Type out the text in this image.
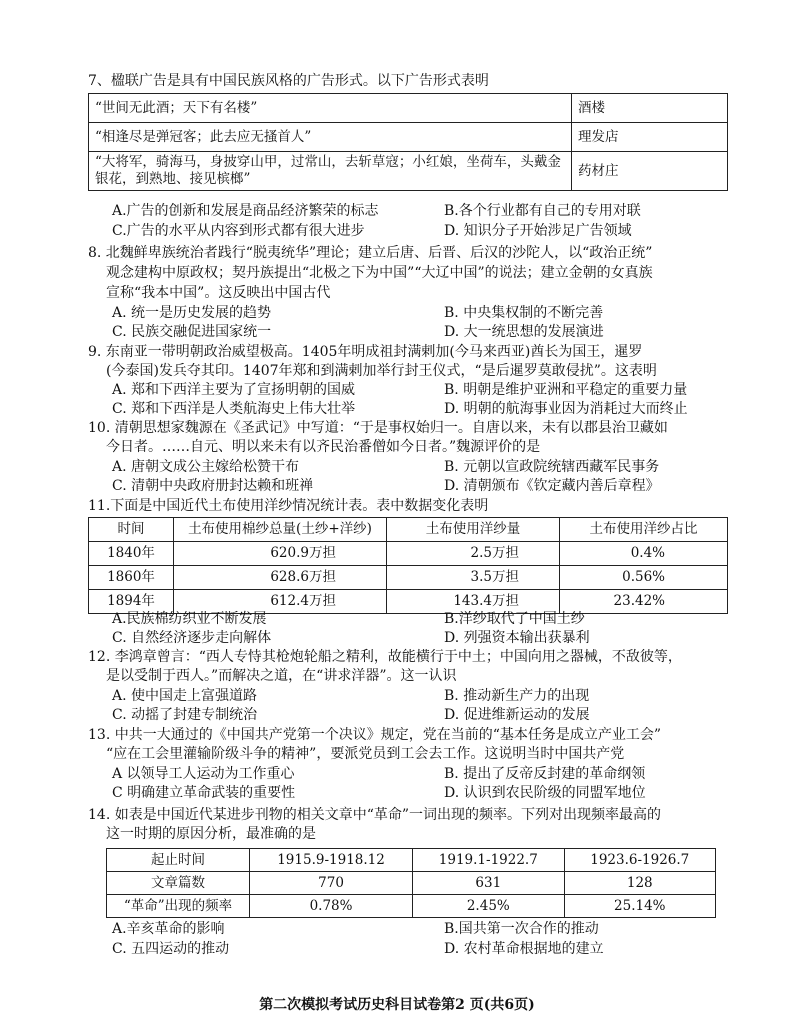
7、楹联广告是具有中国民族风格的广告形式。以下广告形式表明
“世间无此酒；天下有名楼”	酒楼
“相逢尽是弹冠客；此去应无搔首人”	理发店
“大将军，骑海马，身披穿山甲，过常山，去斩草寇；小红娘，坐荷车，头戴金银花，到熟地、接见槟榔”	药材庄
A.广告的创新和发展是商品经济繁荣的标志	B.各个行业都有自己的专用对联
C.广告的水平从内容到形式都有很大进步	D. 知识分子开始涉足广告领域
8. 北魏鲜卑族统治者践行“脱夷统华”理论；建立后唐、后晋、后汉的沙陀人，以“政治正统”
观念建构中原政权；契丹族提出“北极之下为中国”“大辽中国”的说法；建立金朝的女真族
宣称“我本中国”。这反映出中国古代
A. 统一是历史发展的趋势	B. 中央集权制的不断完善
C. 民族交融促进国家统一	D. 大一统思想的发展演进
9. 东南亚一带明朝政治威望极高。1405年明成祖封满剌加(今马来西亚)酋长为国王，暹罗
(今泰国)发兵夺其印。1407年郑和到满剌加举行封王仪式，“是后暹罗莫敢侵扰”。这表明
A. 郑和下西洋主要为了宣扬明朝的国威	B. 明朝是维护亚洲和平稳定的重要力量
C. 郑和下西洋是人类航海史上伟大壮举	D. 明朝的航海事业因为消耗过大而终止
10. 清朝思想家魏源在《圣武记》中写道：“于是事权始归一。自唐以来，未有以郡县治卫藏如
今日者。……自元、明以来未有以齐民治番僧如今日者。”魏源评价的是
A. 唐朝文成公主嫁给松赞干布	B. 元朝以宣政院统辖西藏军民事务
C. 清朝中央政府册封达赖和班禅	D. 清朝颁布《钦定藏内善后章程》
11.下面是中国近代土布使用洋纱情况统计表。表中数据变化表明
时间	土布使用棉纱总量(土纱+洋纱)	土布使用洋纱量	土布使用洋纱占比
1840年	620.9万担	2.5万担	0.4%
1860年	628.6万担	3.5万担	0.56%
1894年	612.4万担	143.4万担	23.42%
A.民族棉纺织业不断发展	B.洋纱取代了中国土纱
C. 自然经济逐步走向解体	D. 列强资本输出获暴利
12. 李鸿章曾言：“西人专恃其枪炮轮船之精利，故能横行于中土；中国向用之器械，不敌彼等，
是以受制于西人。”而解决之道，在“讲求洋器”。这一认识
A. 使中国走上富强道路	B. 推动新生产力的出现
C. 动摇了封建专制统治	D. 促进维新运动的发展
13. 中共一大通过的《中国共产党第一个决议》规定，党在当前的“基本任务是成立产业工会”
“应在工会里灌输阶级斗争的精神”，要派党员到工会去工作。这说明当时中国共产党
A 以领导工人运动为工作重心	B. 提出了反帝反封建的革命纲领
C 明确建立革命武装的重要性	D. 认识到农民阶级的同盟军地位
14. 如表是中国近代某进步刊物的相关文章中“革命”一词出现的频率。下列对出现频率最高的
这一时期的原因分析，最准确的是
起止时间	1915.9-1918.12	1919.1-1922.7	1923.6-1926.7
文章篇数	770	631	128
“革命”出现的频率	0.78%	2.45%	25.14%
A.辛亥革命的影响	B.国共第一次合作的推动
C. 五四运动的推动	D. 农村革命根据地的建立
第二次模拟考试历史科目试卷第2 页(共6页)
